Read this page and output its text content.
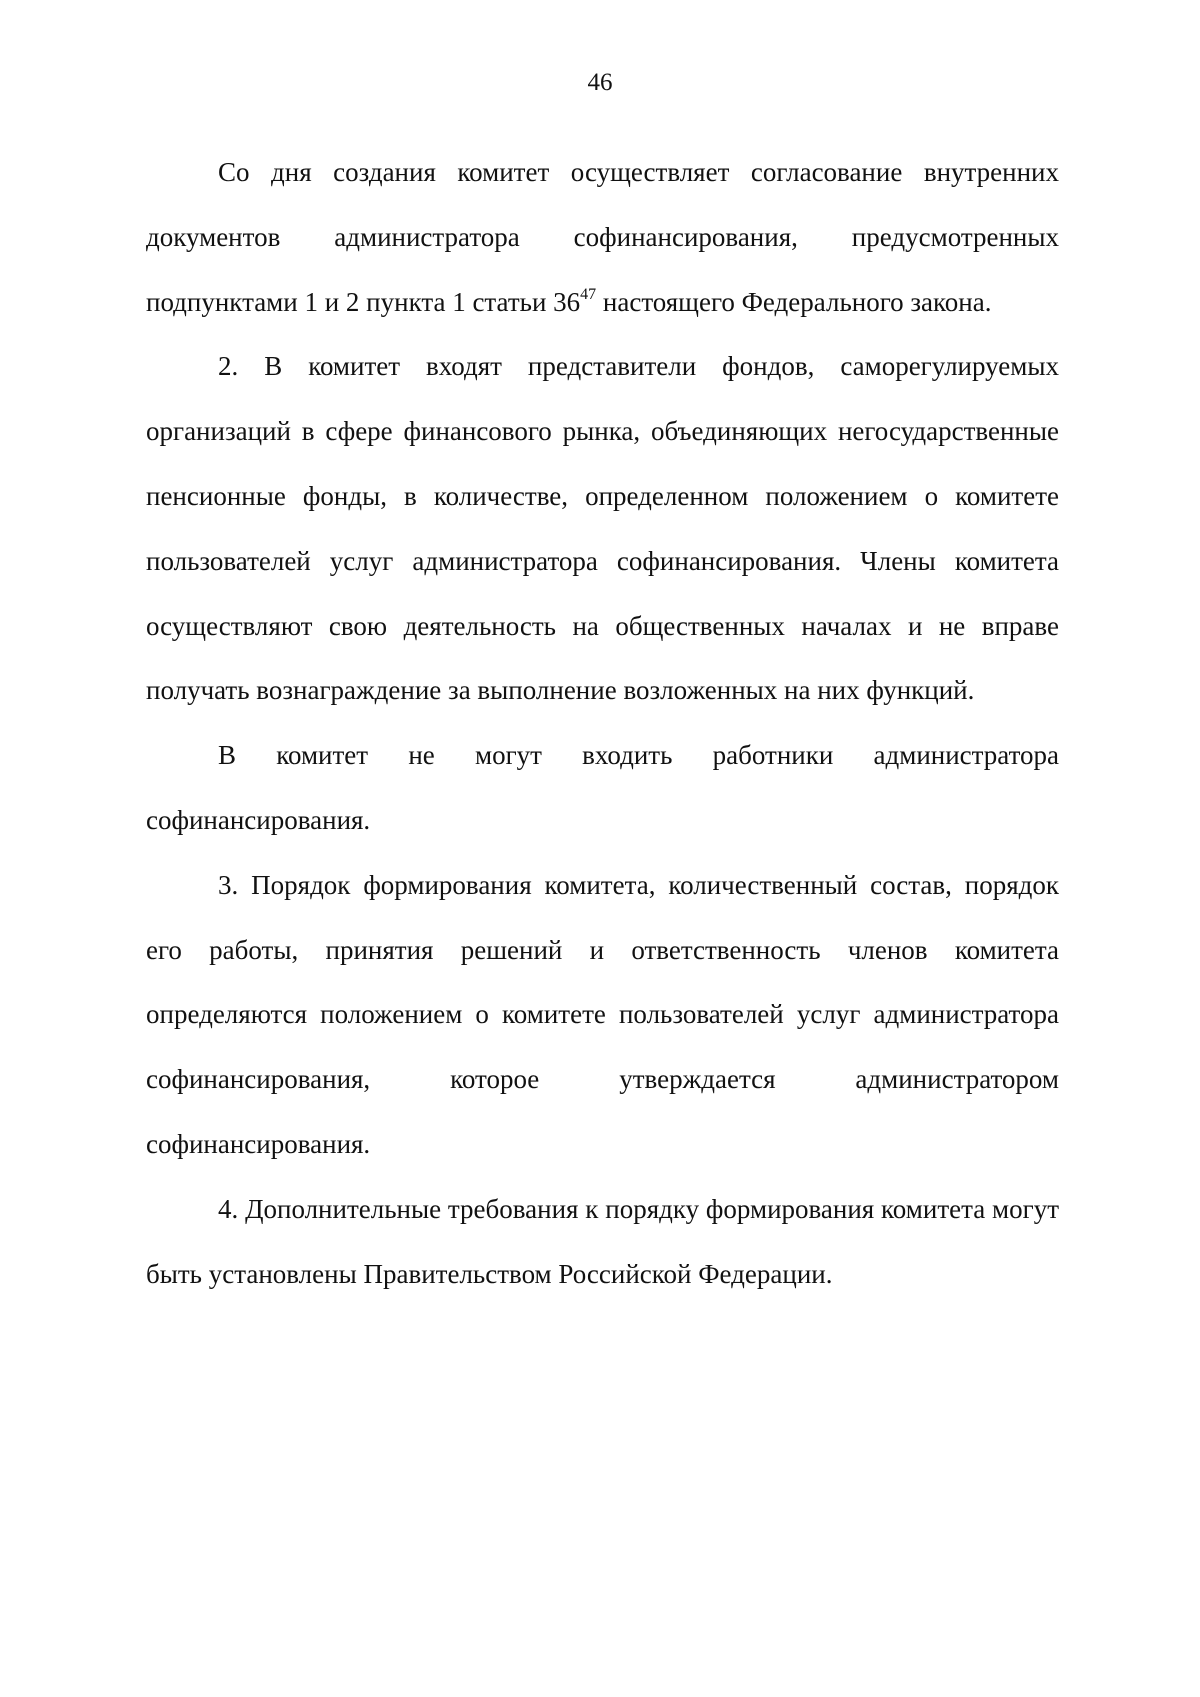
46

Со дня создания комитет осуществляет согласование внутренних документов администратора софинансирования, предусмотренных подпунктами 1 и 2 пункта 1 статьи $36^{47}$ настоящего Федерального закона.

2. В комитет входят представители фондов, саморегулируемых организаций в сфере финансового рынка, объединяющих негосударственные пенсионные фонды, в количестве, определенном положением о комитете пользователей услуг администратора софинансирования. Члены комитета осуществляют свою деятельность на общественных началах и не вправе получать вознаграждение за выполнение возложенных на них функций.

В комитет не могут входить работники администратора софинансирования.

3. Порядок формирования комитета, количественный состав, порядок его работы, принятия решений и ответственность членов комитета определяются положением о комитете пользователей услуг администратора софинансирования, которое утверждается администратором софинансирования.

4. Дополнительные требования к порядку формирования комитета могут быть установлены Правительством Российской Федерации.
